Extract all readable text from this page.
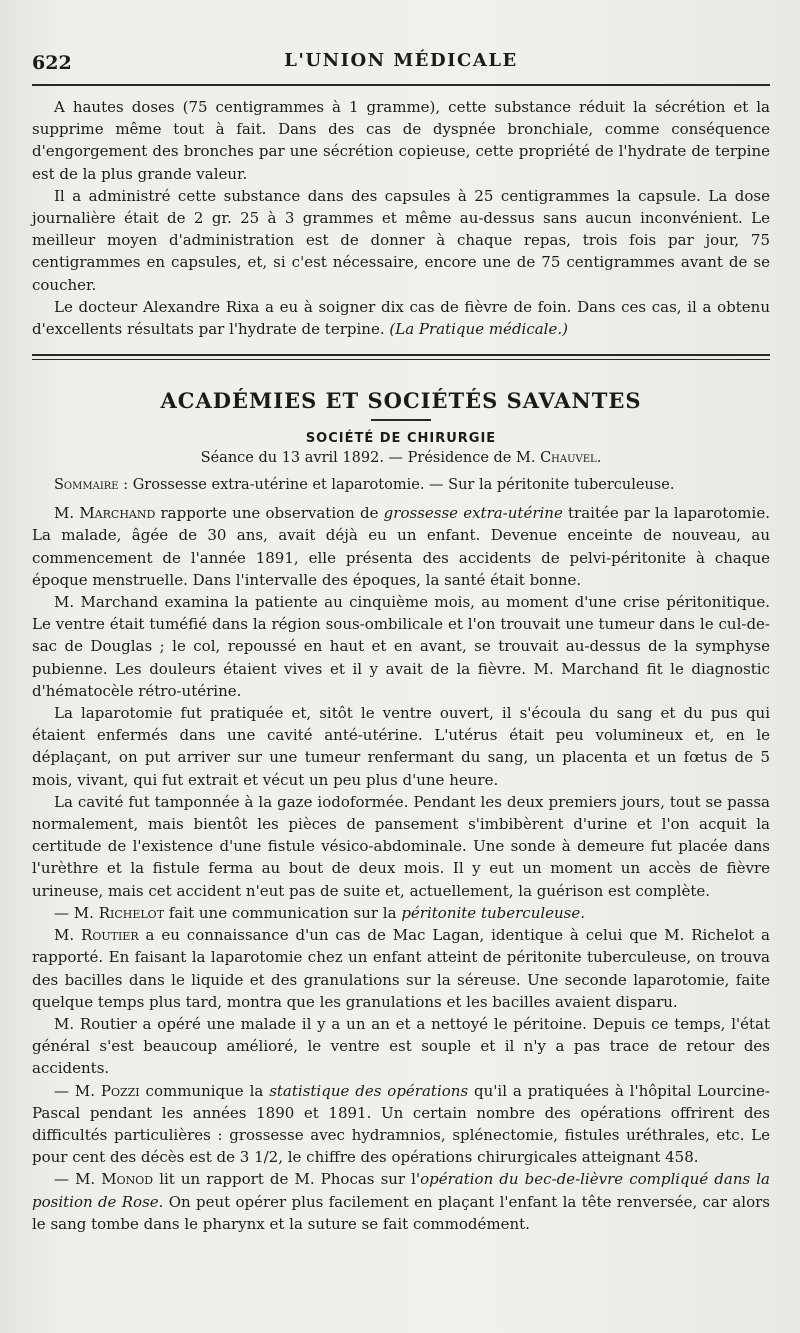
622	L'UNION MÉDICALE

A hautes doses (75 centigrammes à 1 gramme), cette substance réduit la sécrétion et la supprime même tout à fait. Dans des cas de dyspnée bronchiale, comme conséquence d'engorgement des bronches par une sécrétion copieuse, cette propriété de l'hydrate de terpine est de la plus grande valeur.

Il a administré cette substance dans des capsules à 25 centigrammes la capsule. La dose journalière était de 2 gr. 25 à 3 grammes et même au-dessus sans aucun inconvénient. Le meilleur moyen d'administration est de donner à chaque repas, trois fois par jour, 75 centigrammes en capsules, et, si c'est nécessaire, encore une de 75 centigrammes avant de se coucher.

Le docteur Alexandre Rixa a eu à soigner dix cas de fièvre de foin. Dans ces cas, il a obtenu d'excellents résultats par l'hydrate de terpine. (La Pratique médicale.)

ACADÉMIES ET SOCIÉTÉS SAVANTES
SOCIÉTÉ DE CHIRURGIE
Séance du 13 avril 1892. — Présidence de M. Chauvel.

Sommaire : Grossesse extra-utérine et laparotomie. — Sur la péritonite tuberculeuse.

M. Marchand rapporte une observation de grossesse extra-utérine traitée par la laparotomie. La malade, âgée de 30 ans, avait déjà eu un enfant. Devenue enceinte de nouveau, au commencement de l'année 1891, elle présenta des accidents de pelvi-péritonite à chaque époque menstruelle. Dans l'intervalle des époques, la santé était bonne.

M. Marchand examina la patiente au cinquième mois, au moment d'une crise péritonitique. Le ventre était tuméfié dans la région sous-ombilicale et l'on trouvait une tumeur dans le cul-de-sac de Douglas ; le col, repoussé en haut et en avant, se trouvait au-dessus de la symphyse pubienne. Les douleurs étaient vives et il y avait de la fièvre. M. Marchand fit le diagnostic d'hématocèle rétro-utérine.

La laparotomie fut pratiquée et, sitôt le ventre ouvert, il s'écoula du sang et du pus qui étaient enfermés dans une cavité anté-utérine. L'utérus était peu volumineux et, en le déplaçant, on put arriver sur une tumeur renfermant du sang, un placenta et un fœtus de 5 mois, vivant, qui fut extrait et vécut un peu plus d'une heure.

La cavité fut tamponnée à la gaze iodoformée. Pendant les deux premiers jours, tout se passa normalement, mais bientôt les pièces de pansement s'imbibèrent d'urine et l'on acquit la certitude de l'existence d'une fistule vésico-abdominale. Une sonde à demeure fut placée dans l'urèthre et la fistule ferma au bout de deux mois. Il y eut un moment un accès de fièvre urineuse, mais cet accident n'eut pas de suite et, actuellement, la guérison est complète.

— M. Richelot fait une communication sur la péritonite tuberculeuse.

M. Routier a eu connaissance d'un cas de Mac Lagan, identique à celui que M. Richelot a rapporté. En faisant la laparotomie chez un enfant atteint de péritonite tuberculeuse, on trouva des bacilles dans le liquide et des granulations sur la séreuse. Une seconde laparotomie, faite quelque temps plus tard, montra que les granulations et les bacilles avaient disparu.

M. Routier a opéré une malade il y a un an et a nettoyé le péritoine. Depuis ce temps, l'état général s'est beaucoup amélioré, le ventre est souple et il n'y a pas trace de retour des accidents.

— M. Pozzi communique la statistique des opérations qu'il a pratiquées à l'hôpital Lourcine-Pascal pendant les années 1890 et 1891. Un certain nombre des opérations offrirent des difficultés particulières : grossesse avec hydramnios, splénectomie, fistules uréthrales, etc. Le pour cent des décès est de 3 1/2, le chiffre des opérations chirurgicales atteignant 458.

— M. Monod lit un rapport de M. Phocas sur l'opération du bec-de-lièvre compliqué dans la position de Rose. On peut opérer plus facilement en plaçant l'enfant la tête renversée, car alors le sang tombe dans le pharynx et la suture se fait commodément.
